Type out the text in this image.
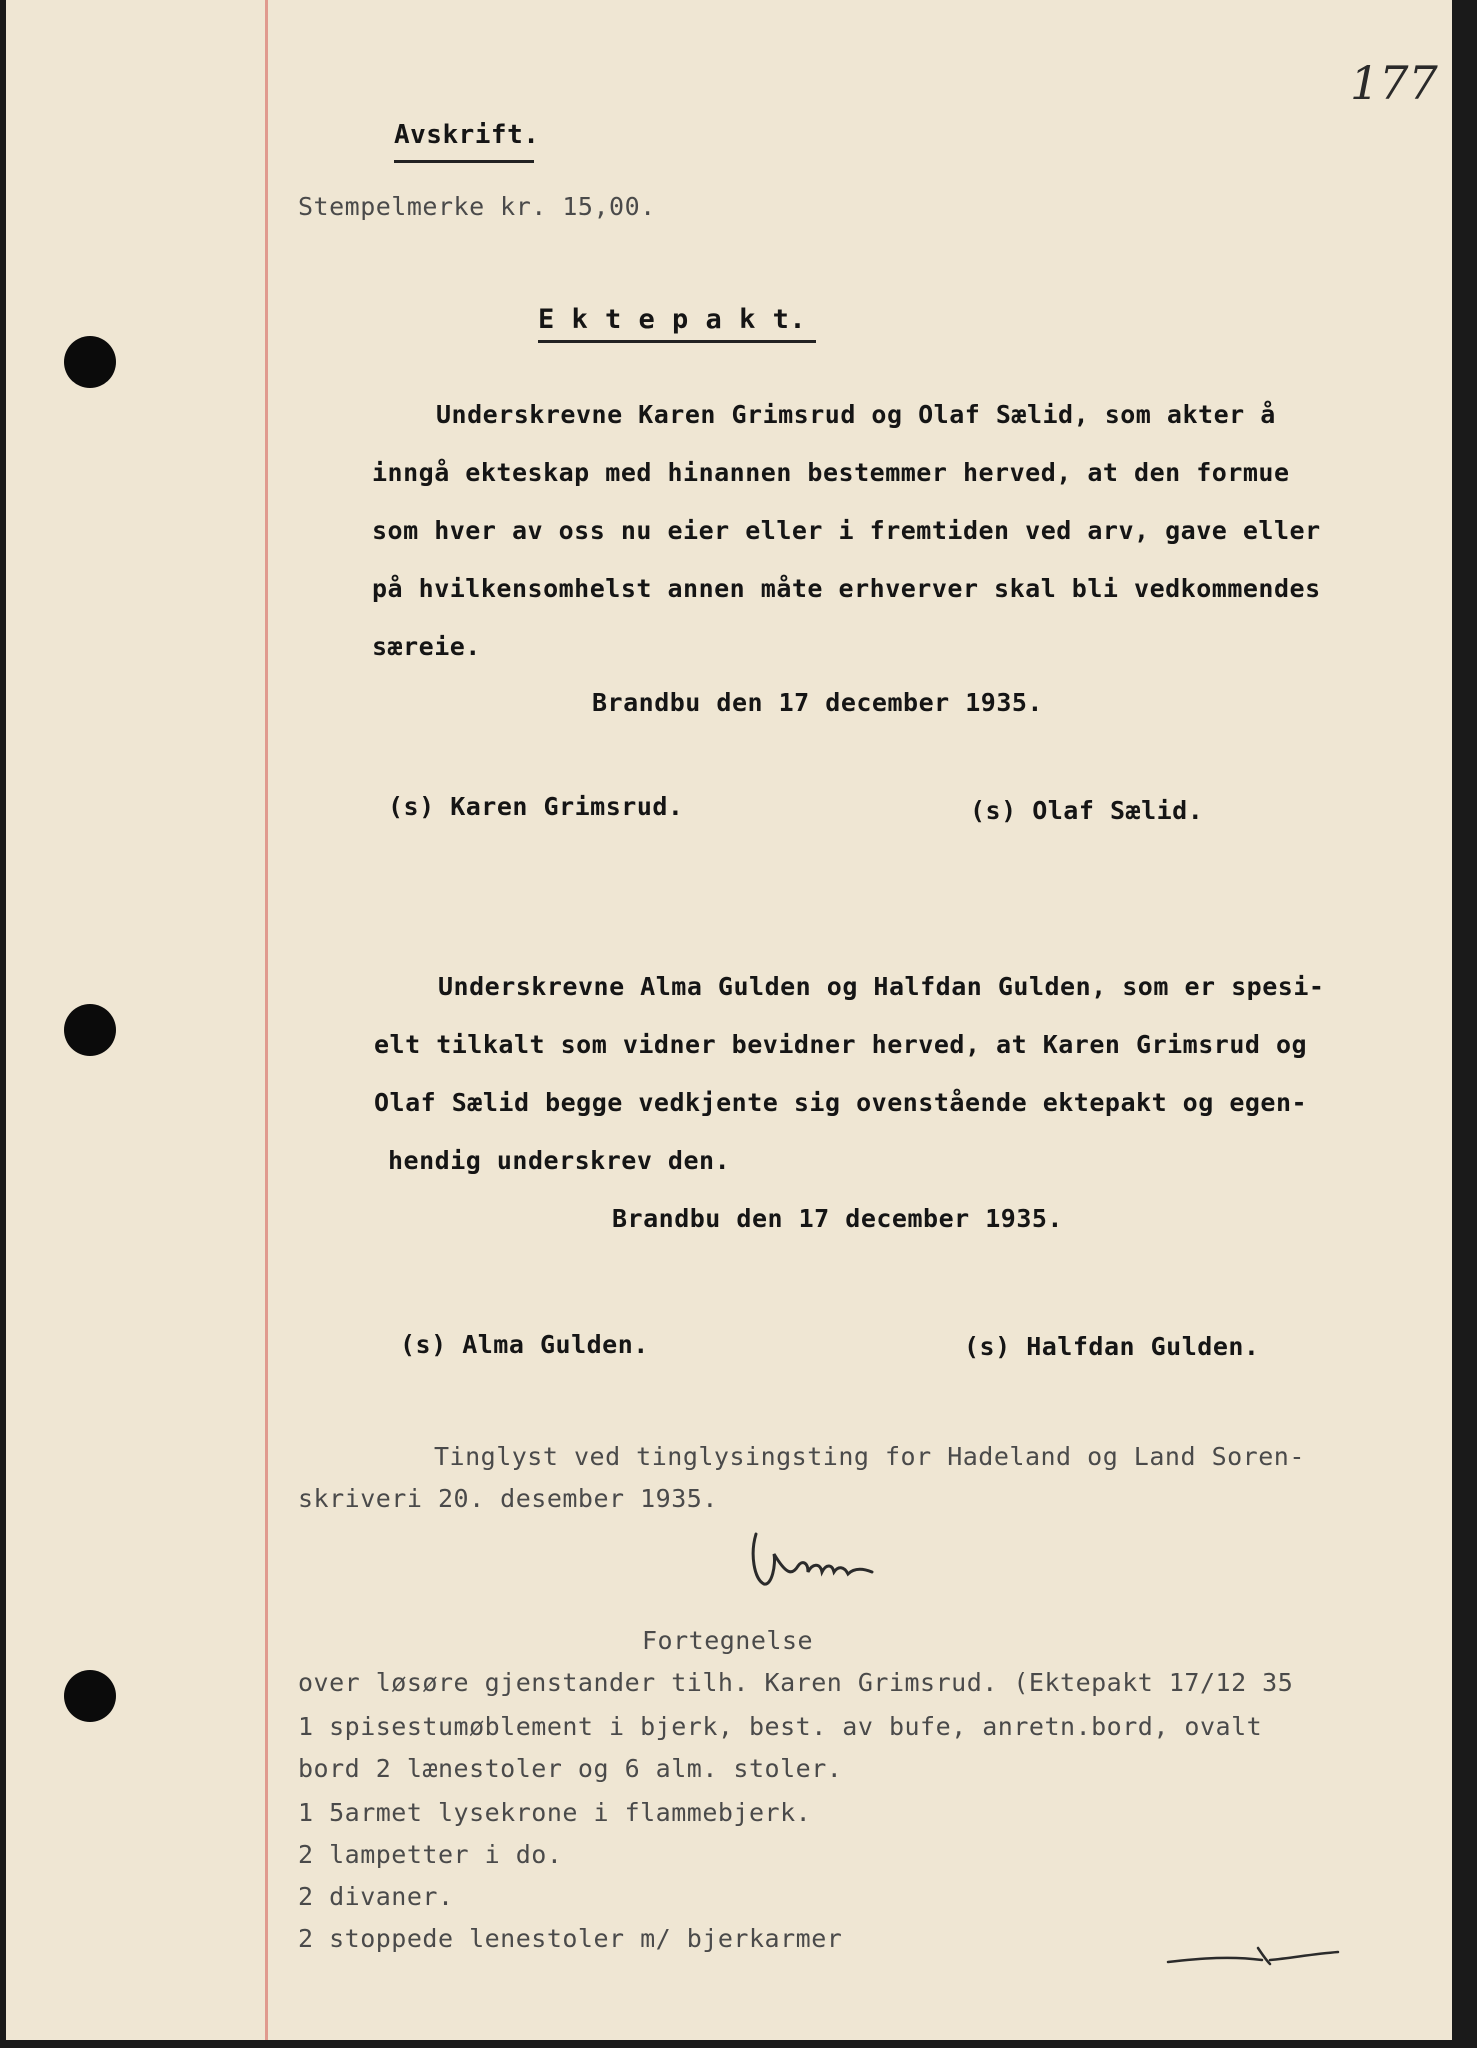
177
Avskrift.
Stempelmerke kr. 15,00.
E k t e p a k t.
Underskrevne Karen Grimsrud og Olaf Sælid, som akter å
inngå ekteskap med hinannen bestemmer herved, at den formue
som hver av oss nu eier eller i fremtiden ved arv, gave eller
på hvilkensomhelst annen måte erhverver skal bli vedkommendes
særeie.
Brandbu den 17 december 1935.
(s) Karen Grimsrud.	(s) Olaf Sælid.
Underskrevne Alma Gulden og Halfdan Gulden, som er spesi-
elt tilkalt som vidner bevidner herved, at Karen Grimsrud og
Olaf Sælid begge vedkjente sig ovenstående ektepakt og egen-
hendig underskrev den.
Brandbu den 17 december 1935.
(s) Alma Gulden.	(s) Halfdan Gulden.
Tinglyst ved tinglysingsting for Hadeland og Land Soren-
skriveri 20. desember 1935.
Fortegnelse
over løsøre gjenstander tilh. Karen Grimsrud. (Ektepakt 17/12 35
1 spisestumøblement i bjerk, best. av bufe, anretn.bord, ovalt
bord 2 lænestoler og 6 alm. stoler.
1 5armet lysekrone i flammebjerk.
2 lampetter i do.
2 divaner.
2 stoppede lenestoler m/ bjerkarmer
